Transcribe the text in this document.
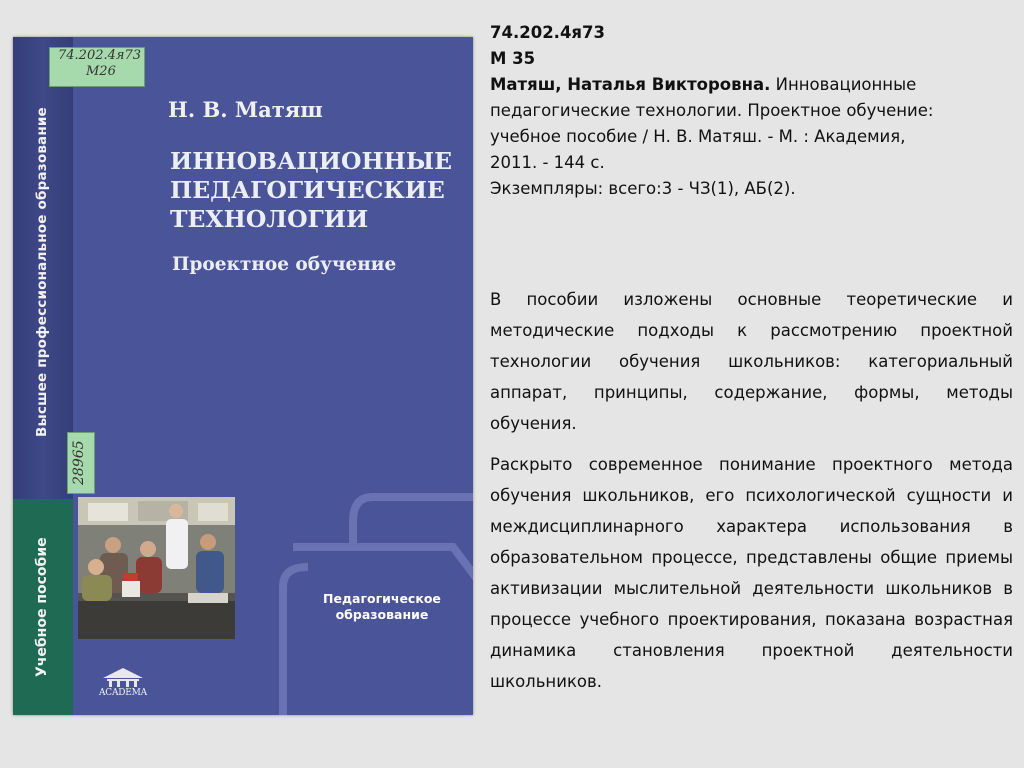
Высшее профессиональное образование
Учебное пособие
74.202.4я73
М26
28965
Н. В. Матяш
ИННОВАЦИОННЫЕ
ПЕДАГОГИЧЕСКИЕ
ТЕХНОЛОГИИ
Проектное обучение
Педагогическое
образование
ACADEMA

74.202.4я73

М 35

Матяш, Наталья Викторовна. Инновационные

педагогические технологии. Проектное обучение:

учебное пособие / Н. В. Матяш. - М. : Академия,

2011. - 144 с.

Экземпляры: всего:3 - ЧЗ(1), АБ(2).

В пособии изложены основные теоретические и методические подходы к рассмотрению проектной технологии обучения школьников: категориальный аппарат, принципы, содержание, формы, методы обучения.

Раскрыто современное понимание проектного метода обучения школьников, его психологической сущности и междисциплинарного характера использования в образовательном процессе, представлены общие приемы активизации мыслительной деятельности школьников в процессе учебного проектирования, показана возрастная динамика становления проектной деятельности школьников.
